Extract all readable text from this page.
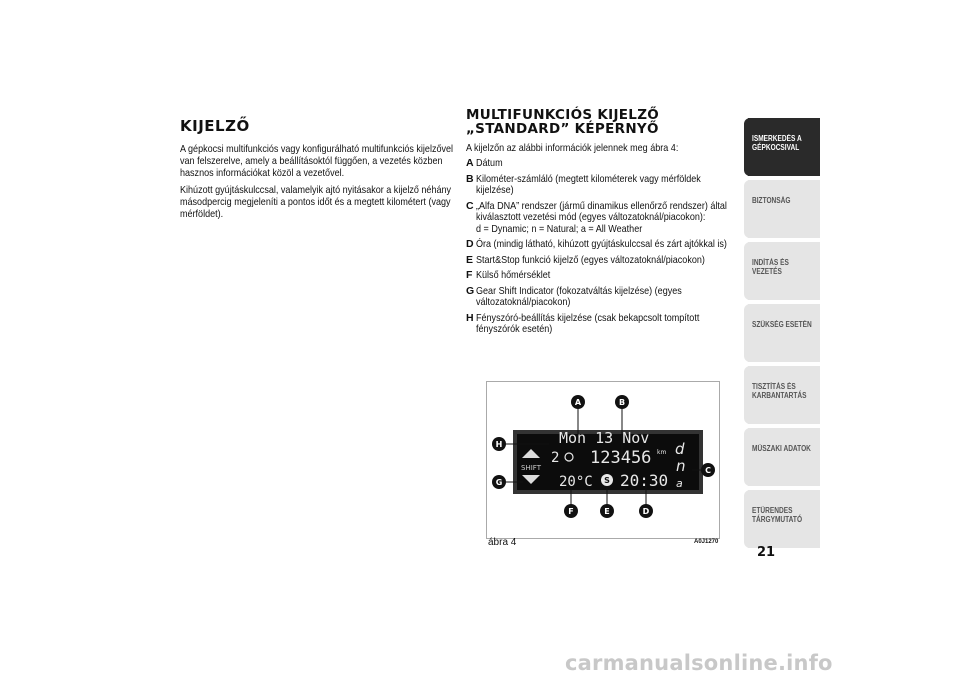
KIJELZŐ

A gépkocsi multifunkciós vagy konfigurálható multifunkciós kijelzővel van felszerelve, amely a beállításoktól függően, a vezetés közben hasznos információkat közöl a vezetővel.

Kihúzott gyújtáskulccsal, valamelyik ajtó nyitásakor a kijelző néhány másodpercig megjeleníti a pontos időt és a megtett kilométert (vagy mérföldet).

MULTIFUNKCIÓS KIJELZŐ
„STANDARD” KÉPERNYŐ

A kijelzőn az alábbi információk jelennek meg ábra 4:

A Dátum
B Kilométer-számláló (megtett kilométerek vagy mérföldek kijelzése)
C „Alfa DNA” rendszer (jármű dinamikus ellenőrző rendszer) által kiválasztott vezetési mód (egyes változatoknál/piacokon):
d = Dynamic; n = Natural; a = All Weather
D Óra (mindig látható, kihúzott gyújtáskulccsal és zárt ajtókkal is)
E Start&Stop funkció kijelző (egyes változatoknál/piacokon)
F Külső hőmérséklet
G Gear Shift Indicator (fokozatváltás kijelzése) (egyes változatoknál/piacokon)
H Fényszóró-beállítás kijelzése (csak bekapcsolt tompított fényszórók esetén)
SHIFT
Mon 13 Nov
2 123456 km d
n
a
20°C S 20:30
A	B
C
D
E
F
G
H
ábra 4	A0J1270
ISMERKEDÉS A GÉPKOCSIVAL
BIZTONSÁG
INDÍTÁS ÉS VEZETÉS
SZÜKSÉG ESETÉN
TISZTÍTÁS ÉS KARBANTARTÁS
MŰSZAKI ADATOK
ETŰRENDES TÁRGYMUTATÓ
21
carmanualsonline.info
